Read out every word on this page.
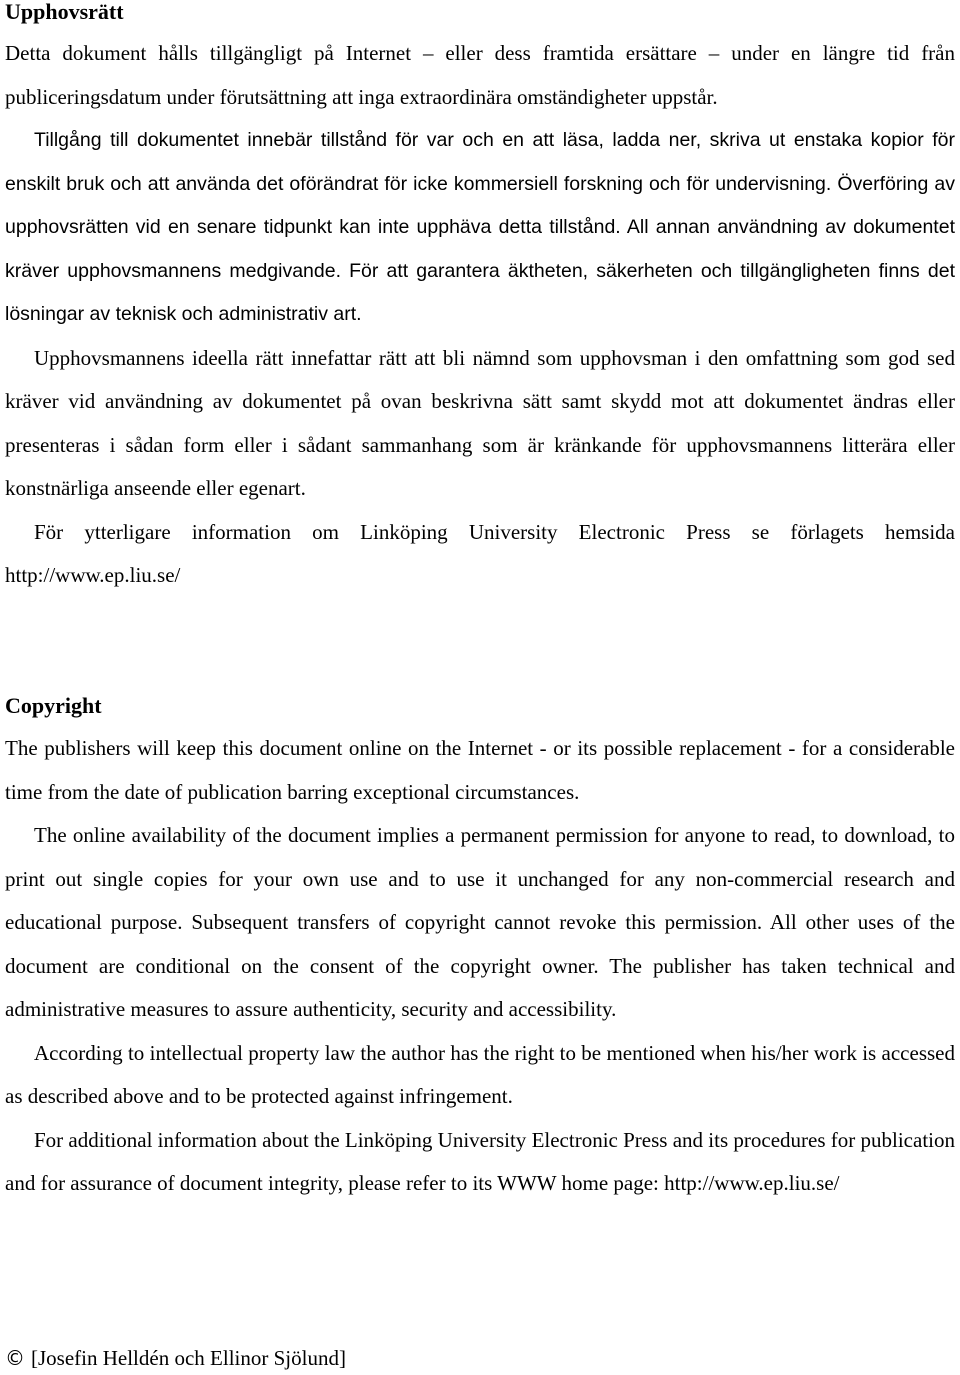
Upphovsrätt

Detta dokument hålls tillgängligt på Internet – eller dess framtida ersättare – under en längre tid från publiceringsdatum under förutsättning att inga extraordinära omständigheter uppstår.

Tillgång till dokumentet innebär tillstånd för var och en att läsa, ladda ner, skriva ut enstaka kopior för enskilt bruk och att använda det oförändrat för icke kommersiell forskning och för undervisning. Överföring av upphovsrätten vid en senare tidpunkt kan inte upphäva detta tillstånd. All annan användning av dokumentet kräver upphovsmannens medgivande. För att garantera äktheten, säkerheten och tillgängligheten finns det lösningar av teknisk och administrativ art.

Upphovsmannens ideella rätt innefattar rätt att bli nämnd som upphovsman i den omfattning som god sed kräver vid användning av dokumentet på ovan beskrivna sätt samt skydd mot att dokumentet ändras eller presenteras i sådan form eller i sådant sammanhang som är kränkande för upphovsmannens litterära eller konstnärliga anseende eller egenart.

För ytterligare information om Linköping University Electronic Press se förlagets hemsida http://www.ep.liu.se/

Copyright

The publishers will keep this document online on the Internet - or its possible replacement - for a considerable time from the date of publication barring exceptional circumstances.

The online availability of the document implies a permanent permission for anyone to read, to download, to print out single copies for your own use and to use it unchanged for any non-commercial research and educational purpose. Subsequent transfers of copyright cannot revoke this permission. All other uses of the document are conditional on the consent of the copyright owner. The publisher has taken technical and administrative measures to assure authenticity, security and accessibility.

According to intellectual property law the author has the right to be mentioned when his/her work is accessed as described above and to be protected against infringement.

For additional information about the Linköping University Electronic Press and its procedures for publication and for assurance of document integrity, please refer to its WWW home page: http://www.ep.liu.se/

© [Josefin Helldén och Ellinor Sjölund]
